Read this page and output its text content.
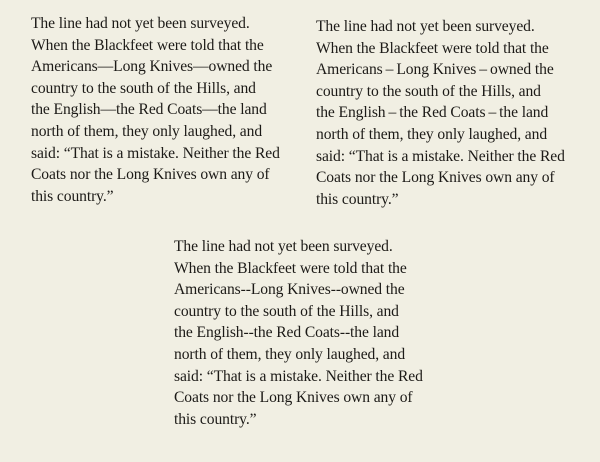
The line had not yet been surveyed.
When the Blackfeet were told that the
Americans—Long Knives—owned the
country to the south of the Hills, and
the English—the Red Coats—the land
north of them, they only laughed, and
said: “That is a mistake. Neither the Red
Coats nor the Long Knives own any of
this country.”
The line had not yet been surveyed.
When the Blackfeet were told that the
Americans – Long Knives – owned the
country to the south of the Hills, and
the English – the Red Coats – the land
north of them, they only laughed, and
said: “That is a mistake. Neither the Red
Coats nor the Long Knives own any of
this country.”
The line had not yet been surveyed.
When the Blackfeet were told that the
Americans--Long Knives--owned the
country to the south of the Hills, and
the English--the Red Coats--the land
north of them, they only laughed, and
said: “That is a mistake. Neither the Red
Coats nor the Long Knives own any of
this country.”
